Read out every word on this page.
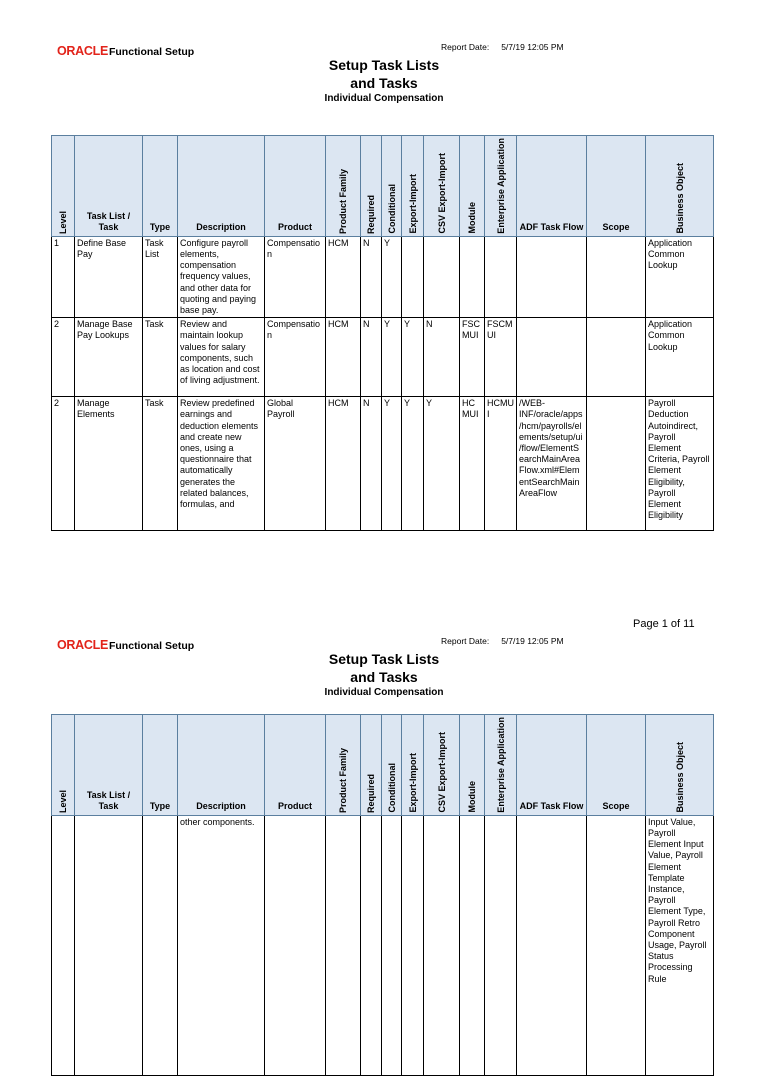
ORACLEFunctional Setup	Report Date: 5/7/19 12:05 PM
Setup Task Lists
and Tasks
Individual Compensation
Level	Task List / Task	Type	Description	Product	Product Family	Required	Conditional	Export-Import	CSV Export-Import	Module	Enterprise Application	ADF Task Flow	Scope	Business Object

1	Define Base Pay	Task List	Configure payroll elements, compensation frequency values, and other data for quoting and paying base pay.	Compensation	HCM	N	Y							Application Common Lookup
2	Manage Base Pay Lookups	Task	Review and maintain lookup values for salary components, such as location and cost of living adjustment.	Compensation	HCM	N	Y	Y	N	FSCMUI	FSCMUI			Application Common Lookup
2	Manage Elements	Task	Review predefined earnings and deduction elements and create new ones, using a questionnaire that automatically generates the related balances, formulas, and	Global Payroll	HCM	N	Y	Y	Y	HCMUI	HCMUI	/WEB-INF/oracle/apps/hcm/payrolls/elements/setup/ui/flow/ElementSearchMainAreaFlow.xml#ElementSearchMainAreaFlow		Payroll Deduction Autoindirect, Payroll Element Criteria, Payroll Element Eligibility, Payroll Element Eligibility
Page 1 of 11
ORACLEFunctional Setup	Report Date: 5/7/19 12:05 PM
Setup Task Lists
and Tasks
Individual Compensation
Level	Task List / Task	Type	Description	Product	Product Family	Required	Conditional	Export-Import	CSV Export-Import	Module	Enterprise Application	ADF Task Flow	Scope	Business Object

			other components.											Input Value, Payroll Element Input Value, Payroll Element Template Instance, Payroll Element Type, Payroll Retro Component Usage, Payroll Status Processing Rule
